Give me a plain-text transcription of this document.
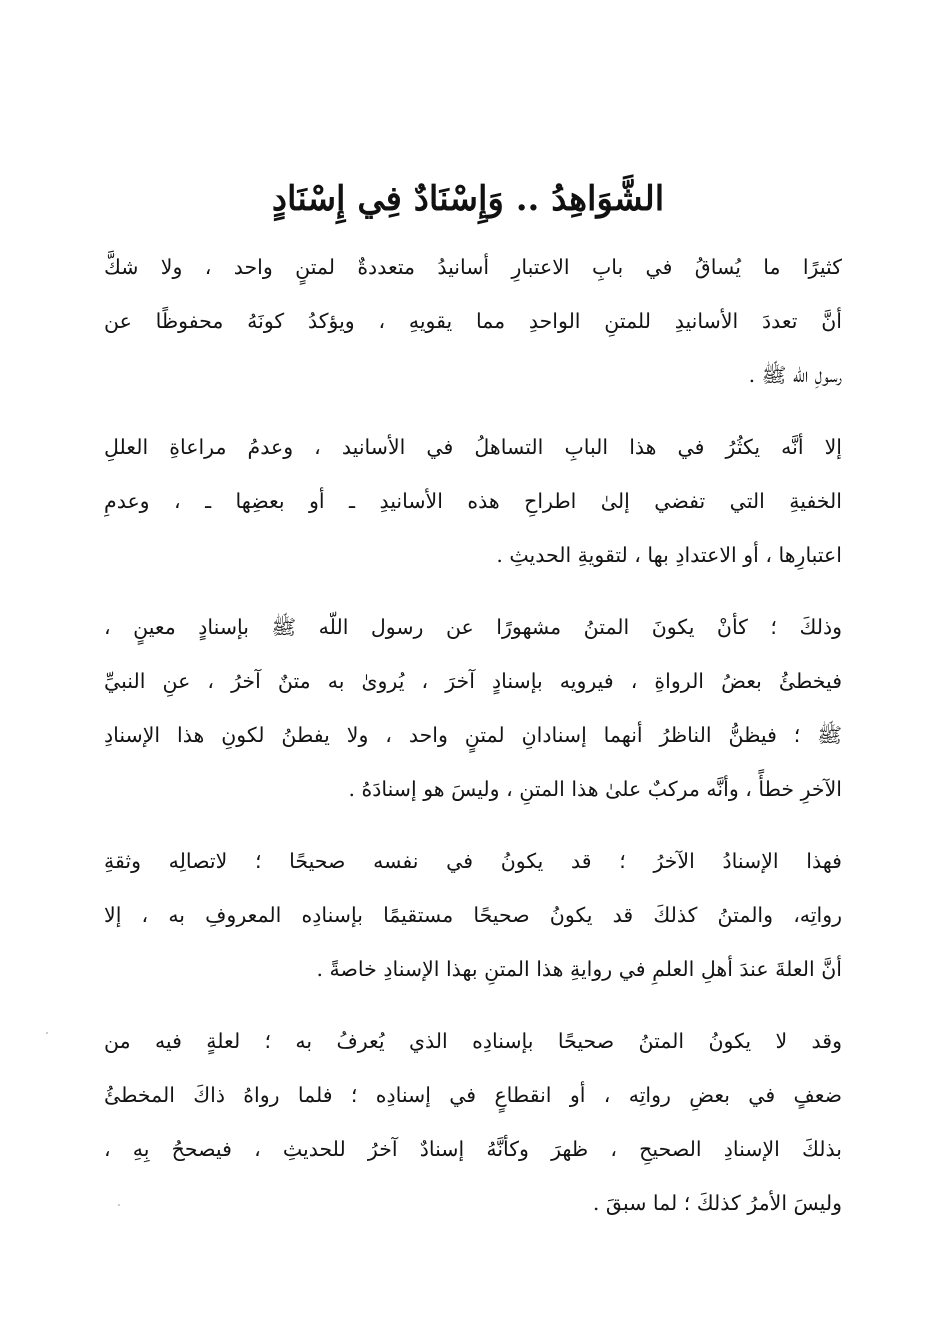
الشَّوَاهِدُ .. وَإِسْنَادٌ فِي إِسْنَادٍ

كثيرًا ما يُساقُ في بابِ الاعتبارِ أسانيدُ متعددةٌ لمتنٍ واحد ، ولا شكَّ
أنَّ تعددَ الأسانيدِ للمتنِ الواحدِ مما يقويهِ ، ويؤكدُ كونَهُ محفوظًا عن
رسولِ اللّه ﷺ .

إلا أنَّه يكثُرُ في هذا البابِ التساهلُ في الأسانيد ، وعدمُ مراعاةِ العللِ
الخفيةِ التي تفضي إلىٰ اطراحِ هذه الأسانيدِ ـ أو بعضِها ـ ، وعدمِ
اعتبارِها ، أو الاعتدادِ بها ، لتقويةِ الحديثِ .

وذلكَ ؛ كأنْ يكونَ المتنُ مشهورًا عن رسول اللّه ﷺ بإسنادٍ معينٍ ،
فيخطئُ بعضُ الرواةِ ، فيرويه بإسنادٍ آخرَ ، يُروىٰ به متنٌ آخرُ ، عنِ النبيِّ
ﷺ ؛ فيظنُّ الناظرُ أنهما إسنادانِ لمتنٍ واحد ، ولا يفطنُ لكونِ هذا الإسنادِ
الآخرِ خطأً ، وأنَّه مركبٌ علىٰ هذا المتنِ ، وليسَ هو إسنادَهُ .

فهذا الإسنادُ الآخرُ ؛ قد يكونُ في نفسه صحيحًا ؛ لاتصالِه وثقةِ
رواتِه، والمتنُ كذلكَ قد يكونُ صحيحًا مستقيمًا بإسنادِه المعروفِ به ، إلا
أنَّ العلةَ عندَ أهلِ العلمِ في روايةِ هذا المتنِ بهذا الإسنادِ خاصةً .

وقد لا يكونُ المتنُ صحيحًا بإسنادِه الذي يُعرفُ به ؛ لعلةٍ فيه من
ضعفٍ في بعضِ رواتِه ، أو انقطاعٍ في إسنادِه ؛ فلما رواهُ ذاكَ المخطئُ
بذلكَ الإسنادِ الصحيحِ ، ظهرَ وكأنَّهُ إسنادٌ آخرُ للحديثِ ، فيصححُ بِهِ ،
وليسَ الأمرُ كذلكَ ؛ لما سبقَ .
